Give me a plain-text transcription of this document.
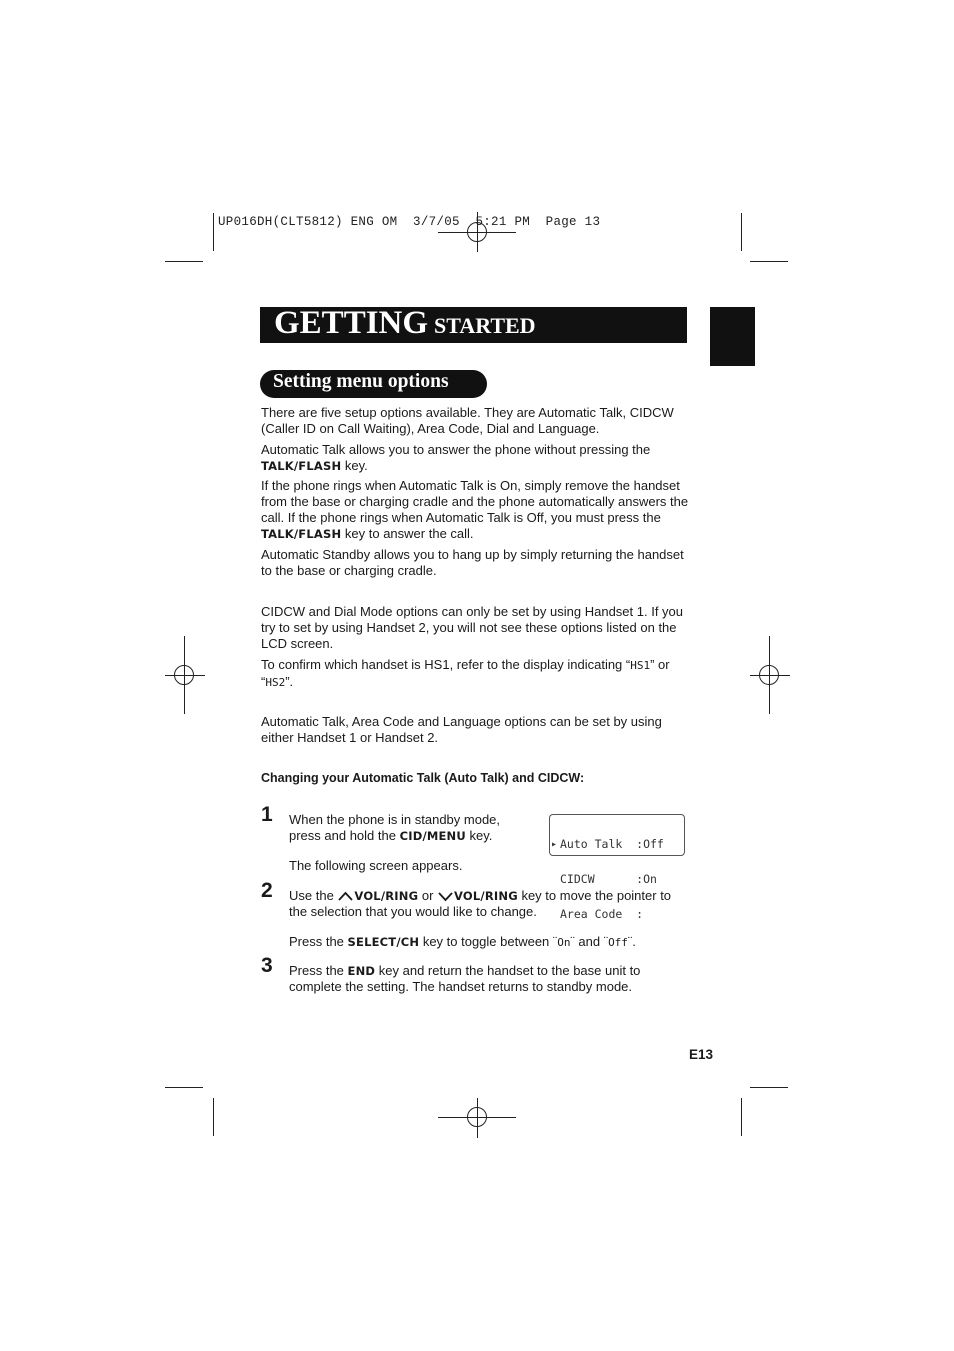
UP016DH(CLT5812) ENG OM  3/7/05  5:21 PM  Page 13
GETTING STARTED
Setting menu options

There are five setup options available. They are Automatic Talk, CIDCW (Caller ID on Call Waiting), Area Code, Dial and Language.

Automatic Talk allows you to answer the phone without pressing the TALK/FLASH key.

If the phone rings when Automatic Talk is On, simply remove the handset from the base or charging cradle and the phone automatically answers the call. If the phone rings when Automatic Talk is Off, you must press the TALK/FLASH key to answer the call.

Automatic Standby allows you to hang up by simply returning the handset to the base or charging cradle.

CIDCW and Dial Mode options can only be set by using Handset 1. If you try to set by using Handset 2, you will not see these options listed on the LCD screen.

To confirm which handset is HS1, refer to the display indicating “HS1” or “HS2”.

Automatic Talk, Area Code and Language options can be set by using either Handset 1 or Handset 2.

Changing your Automatic Talk (Auto Talk) and CIDCW:
1 When the phone is in standby mode, press and hold the CID/MENU key.
The following screen appears.

▸ Auto Talk  :Off

CIDCW      :On

Area Code  :

2 Use the VOL/RING or VOL/RING key to move the pointer to the selection that you would like to change.
Press the SELECT/CH key to toggle between ¨On¨ and ¨Off¨.
3 Press the END key and return the handset to the base unit to complete the setting. The handset returns to standby mode.
E13
